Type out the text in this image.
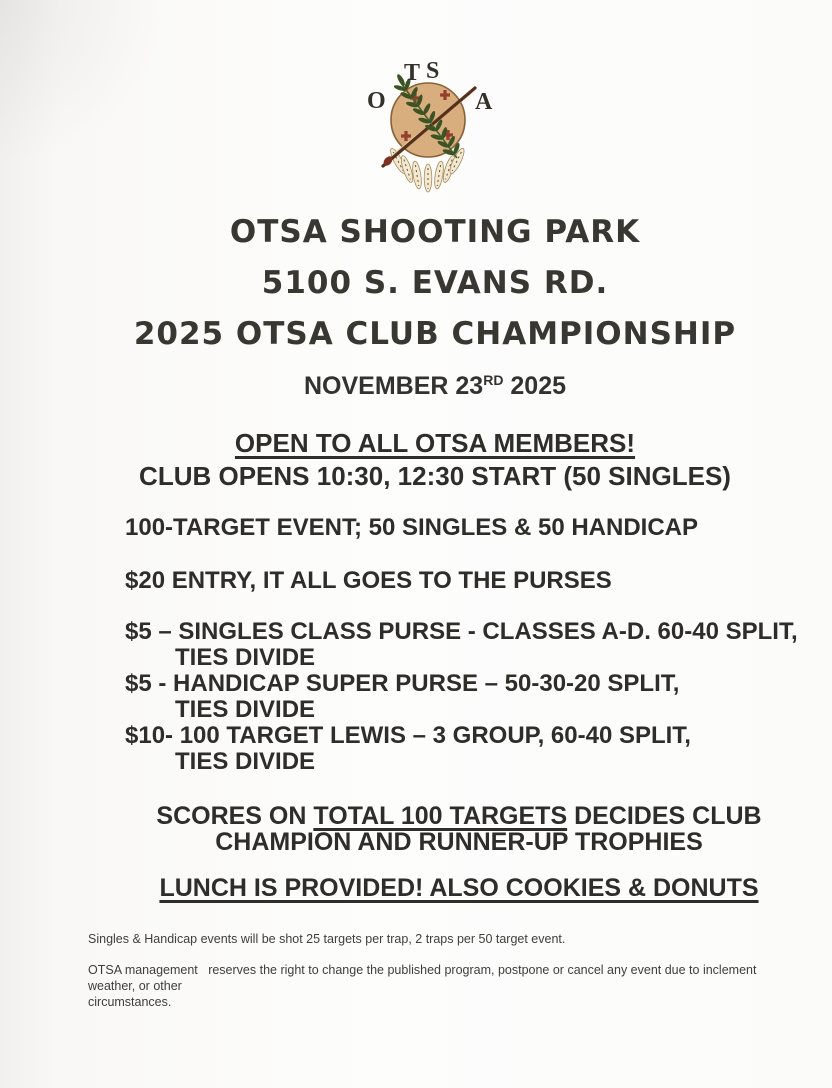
O
T S
A
OTSA SHOOTING PARK
5100 S. EVANS RD.
2025 OTSA CLUB CHAMPIONSHIP
NOVEMBER 23RD 2025
OPEN TO ALL OTSA MEMBERS!
CLUB OPENS 10:30, 12:30 START (50 SINGLES)
100-TARGET EVENT; 50 SINGLES & 50 HANDICAP
$20 ENTRY, IT ALL GOES TO THE PURSES
$5 – SINGLES CLASS PURSE - CLASSES A-D. 60-40 SPLIT,
TIES DIVIDE
$5 - HANDICAP SUPER PURSE – 50-30-20 SPLIT,
TIES DIVIDE
$10- 100 TARGET LEWIS – 3 GROUP, 60-40 SPLIT,
TIES DIVIDE
SCORES ON TOTAL 100 TARGETS DECIDES CLUB
CHAMPION AND RUNNER-UP TROPHIES
LUNCH IS PROVIDED! ALSO COOKIES & DONUTS
Singles & Handicap events will be shot 25 targets per trap, 2 traps per 50 target event.
OTSA management   reserves the right to change the published program, postpone or cancel any event due to inclement weather, or other
circumstances.
